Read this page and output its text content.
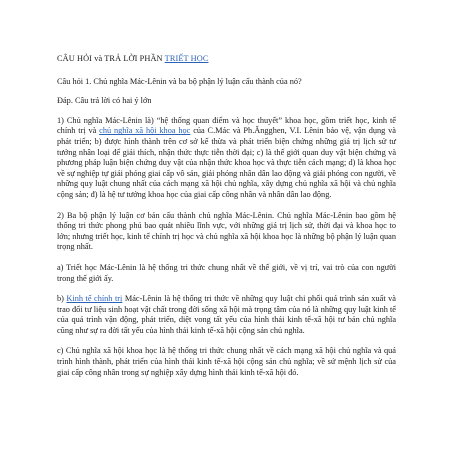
CÂU HỎI và TRẢ LỜI PHẦN TRIẾT HỌC

Câu hỏi 1. Chủ nghĩa Mác-Lênin và ba bộ phận lý luận cấu thành của nó?

Đáp. Câu trả lời có hai ý lớn

1) Chủ nghĩa Mác-Lênin là) “hệ thống quan điểm và học thuyết” khoa học, gồm triết học, kinh tế chính trị và chủ nghĩa xã hội khoa học của C.Mác và Ph.Ăngghen, V.I. Lênin bảo vệ, vận dụng và phát triển; b) được hình thành trên cơ sở kế thừa và phát triển biện chứng những giá trị lịch sử tư tưởng nhân loại để giải thích, nhận thức thực tiễn thời đại; c) là thế giới quan duy vật biện chứng và phương pháp luận biện chứng duy vật của nhận thức khoa học và thực tiễn cách mạng; d) là khoa học về sự nghiệp tự giải phóng giai cấp vô sản, giải phóng nhân dân lao động và giải phóng con người, về những quy luật chung nhất của cách mạng xã hội chủ nghĩa, xây dựng chủ nghĩa xã hội và chủ nghĩa cộng sản; đ) là hệ tư tưởng khoa học của giai cấp công nhân và nhân dân lao động.

2) Ba bộ phận lý luận cơ bản cấu thành chủ nghĩa Mác-Lênin. Chủ nghĩa Mác-Lênin bao gồm hệ thống tri thức phong phú bao quát nhiều lĩnh vực, với những giá trị lịch sử, thời đại và khoa học to lớn; nhưng triết học, kinh tế chính trị học và chủ nghĩa xã hội khoa học là những bộ phận lý luận quan trọng nhất.

a) Triết học Mác-Lênin là hệ thống tri thức chung nhất về thế giới, về vị trí, vai trò của con người trong thế giới ấy.

b) Kinh tế chính trị Mác-Lênin là hệ thống tri thức về những quy luật chi phối quá trình sản xuất và trao đổi tư liệu sinh hoạt vật chất trong đời sống xã hội mà trọng tâm của nó là những quy luật kinh tế của quá trình vận động, phát triển, diệt vong tất yếu của hình thái kinh tế-xã hội tư bản chủ nghĩa cũng như sự ra đời tất yếu của hình thái kinh tế-xã hội cộng sản chủ nghĩa.

c) Chủ nghĩa xã hội khoa học là hệ thống tri thức chung nhất về cách mạng xã hội chủ nghĩa và quá trình hình thành, phát triển của hình thái kinh tế-xã hội cộng sản chủ nghĩa; về sứ mệnh lịch sử của giai cấp công nhân trong sự nghiệp xây dựng hình thái kinh tế-xã hội đó.
